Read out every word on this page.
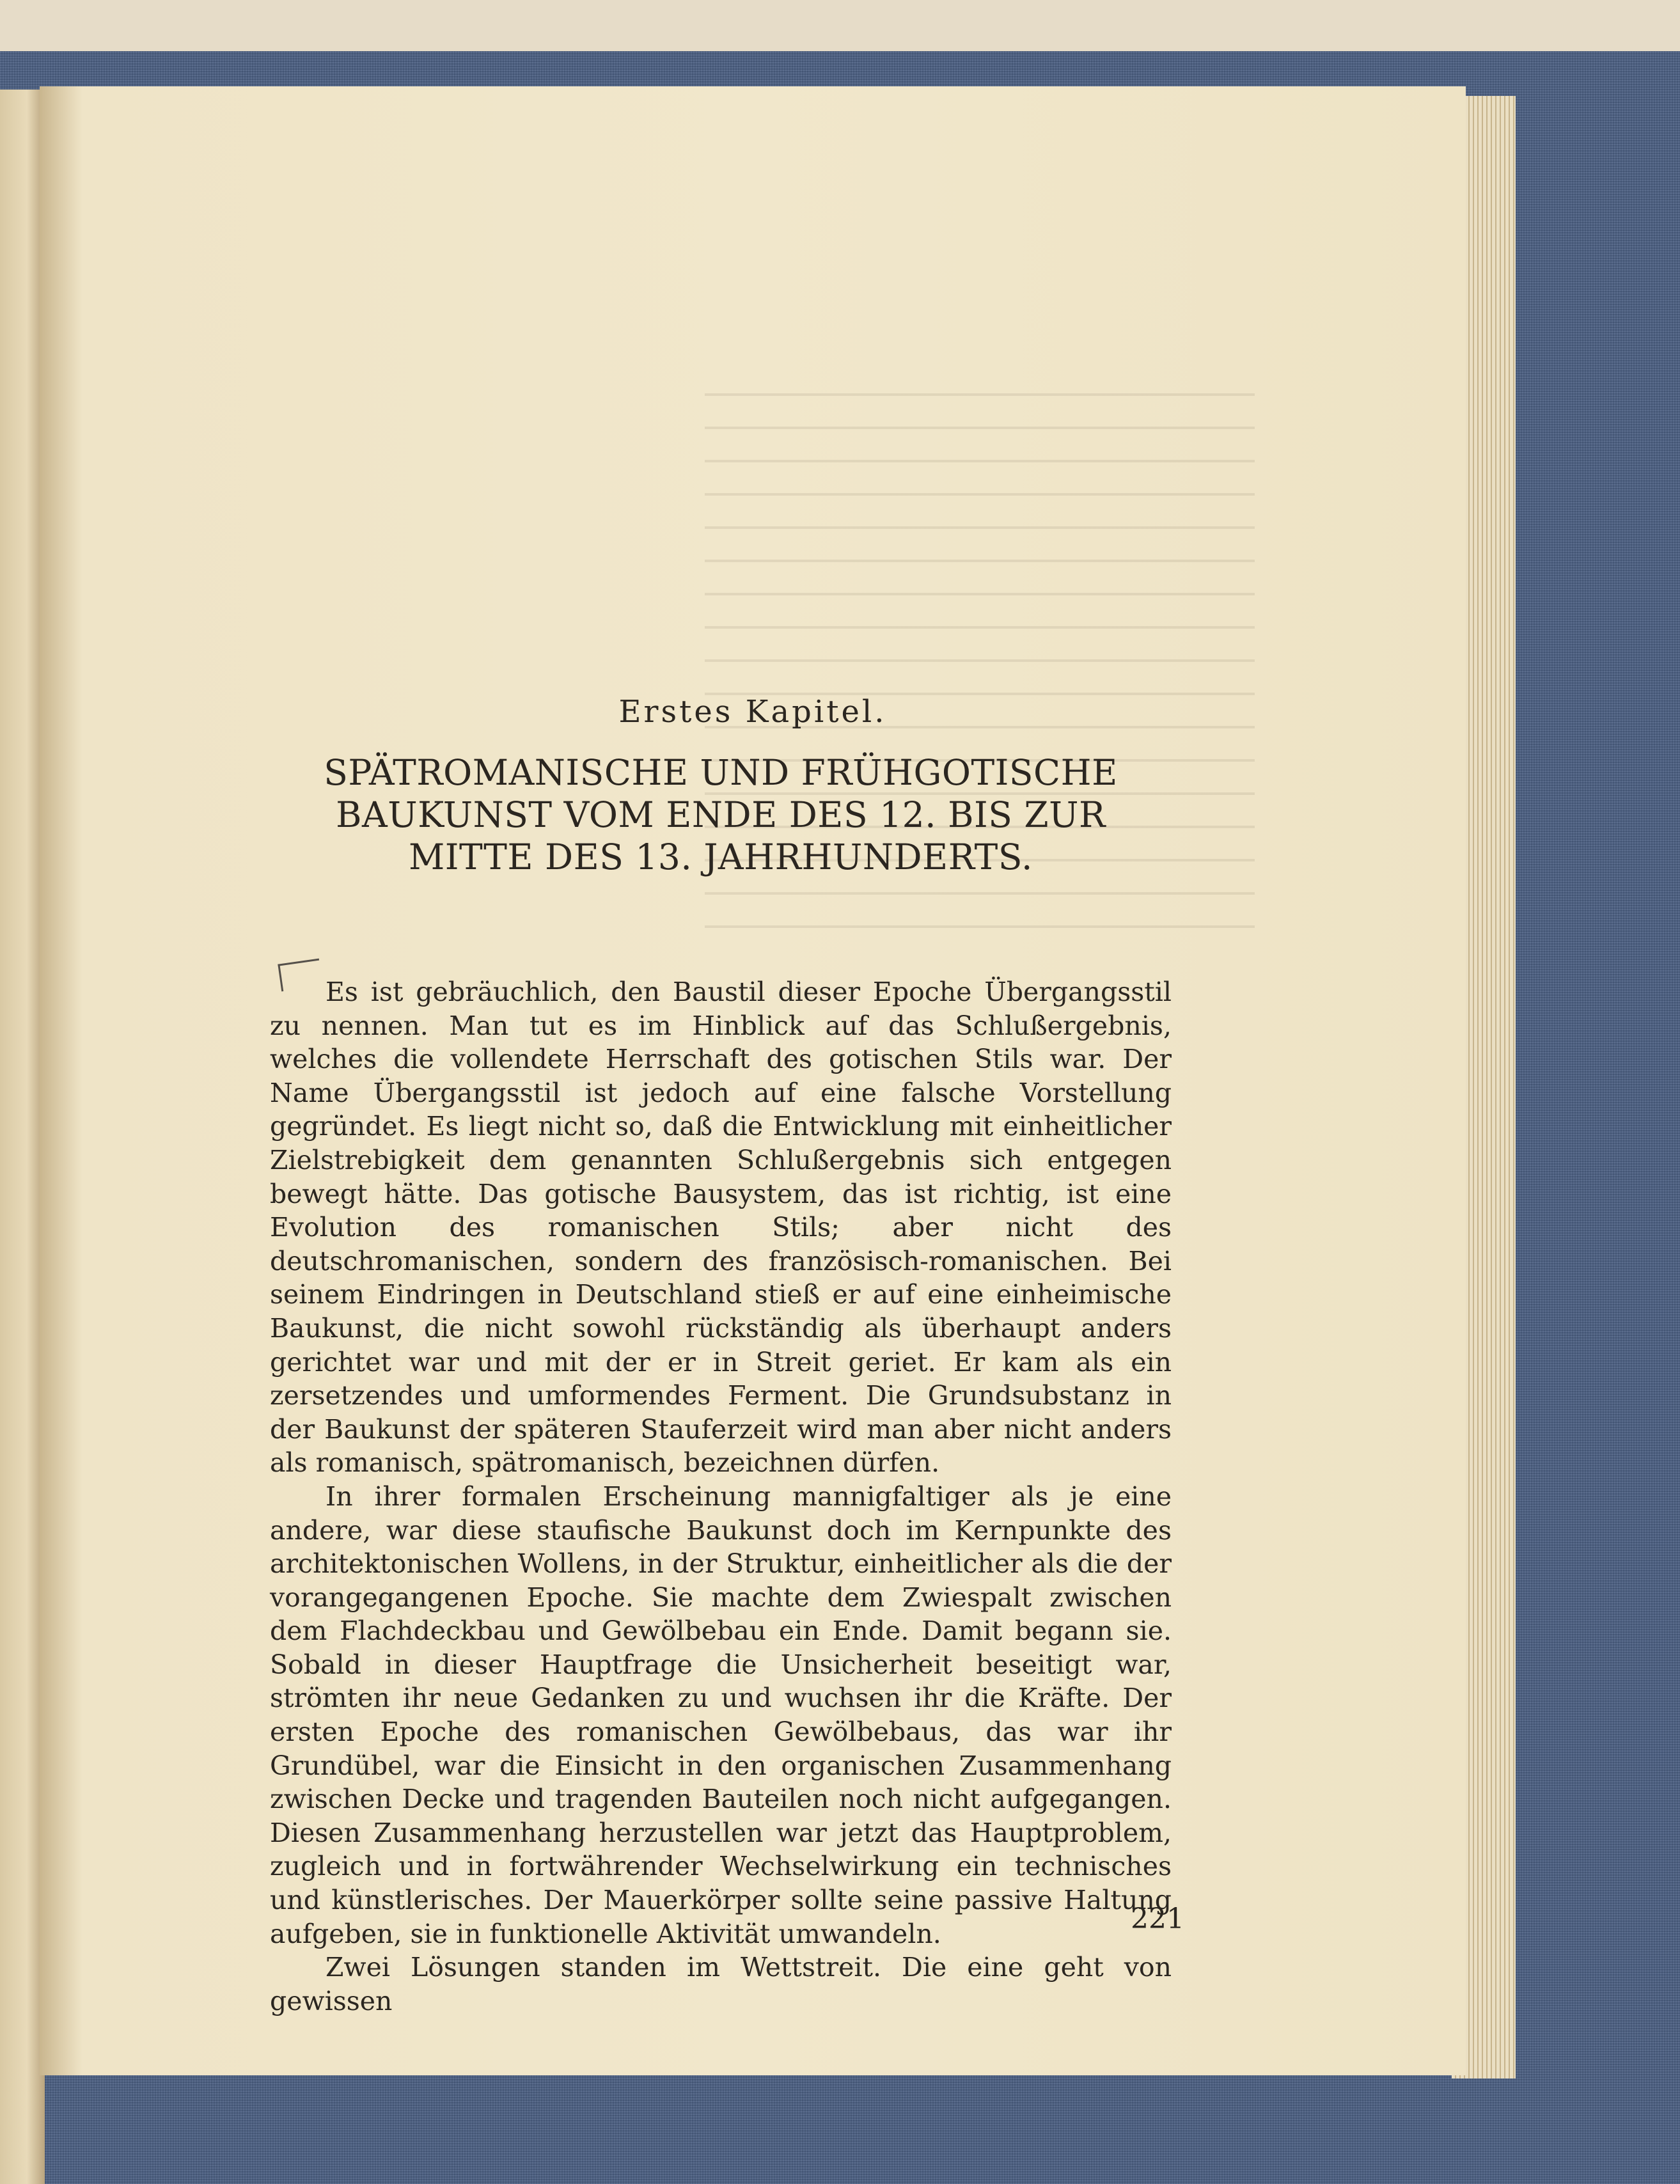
Erstes Kapitel.
SPÄTROMANISCHE UND FRÜHGOTISCHE BAUKUNST VOM ENDE DES 12. BIS ZUR MITTE DES 13. JAHRHUNDERTS.

Es ist gebräuchlich, den Baustil dieser Epoche Übergangsstil zu nennen. Man tut es im Hinblick auf das Schlußergebnis, welches die vollendete Herrschaft des gotischen Stils war. Der Name Übergangsstil ist jedoch auf eine falsche Vorstellung gegründet. Es liegt nicht so, daß die Entwicklung mit einheitlicher Zielstrebigkeit dem genannten Schlußergebnis sich entgegen bewegt hätte. Das gotische Bausystem, das ist richtig, ist eine Evolution des romanischen Stils; aber nicht des deutschromanischen, sondern des französisch-romanischen. Bei seinem Eindringen in Deutschland stieß er auf eine einheimische Baukunst, die nicht sowohl rückständig als überhaupt anders gerichtet war und mit der er in Streit geriet. Er kam als ein zersetzendes und umformendes Ferment. Die Grundsubstanz in der Baukunst der späteren Stauferzeit wird man aber nicht anders als romanisch, spätromanisch, bezeichnen dürfen.

In ihrer formalen Erscheinung mannigfaltiger als je eine andere, war diese staufische Baukunst doch im Kernpunkte des architektonischen Wollens, in der Struktur, einheitlicher als die der vorangegangenen Epoche. Sie machte dem Zwiespalt zwischen dem Flachdeckbau und Gewölbebau ein Ende. Damit begann sie. Sobald in dieser Hauptfrage die Unsicherheit beseitigt war, strömten ihr neue Gedanken zu und wuchsen ihr die Kräfte. Der ersten Epoche des romanischen Gewölbebaus, das war ihr Grundübel, war die Einsicht in den organischen Zusammenhang zwischen Decke und tragenden Bauteilen noch nicht aufgegangen. Diesen Zusammenhang herzustellen war jetzt das Hauptproblem, zugleich und in fortwährender Wechselwirkung ein technisches und künstlerisches. Der Mauerkörper sollte seine passive Haltung aufgeben, sie in funktionelle Aktivität umwandeln.

Zwei Lösungen standen im Wettstreit. Die eine geht von gewissen

221
